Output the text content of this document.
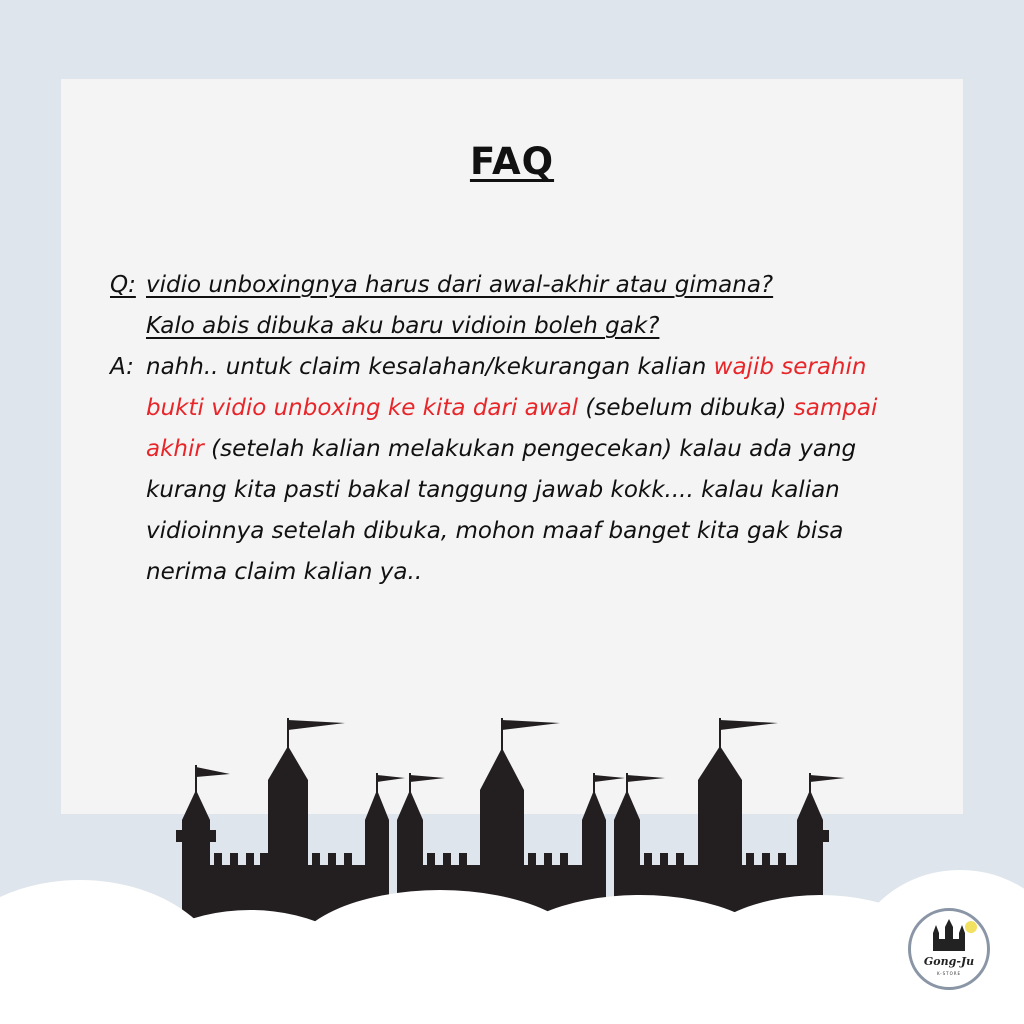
FAQ
Q: vidio unboxingnya harus dari awal-akhir atau gimana?
Kalo abis dibuka aku baru vidioin boleh gak?
A: nahh.. untuk claim kesalahan/kekurangan kalian wajib serahin bukti vidio unboxing ke kita dari awal (sebelum dibuka) sampai akhir (setelah kalian melakukan pengecekan) kalau ada yang kurang kita pasti bakal tanggung jawab kokk.... kalau kalian vidioinnya setelah dibuka, mohon maaf banget kita gak bisa nerima claim kalian ya..
Gong-Ju
K-STORE
